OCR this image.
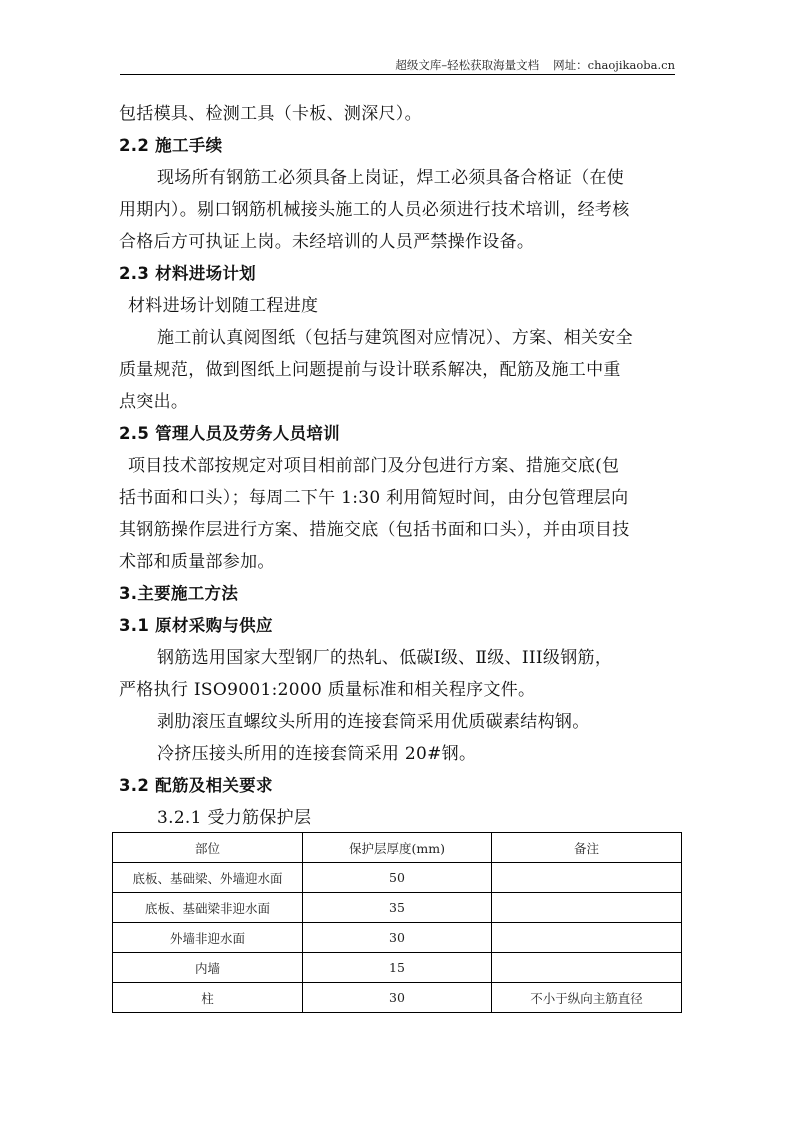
超级文库–轻松获取海量文档 网址：chaojikaoba.cn
包括模具、检测工具（卡板、测深尺）。
2.2 施工手续
现场所有钢筋工必须具备上岗证，焊工必须具备合格证（在使
用期内）。剔口钢筋机械接头施工的人员必须进行技术培训，经考核
合格后方可执证上岗。未经培训的人员严禁操作设备。
2.3 材料进场计划
材料进场计划随工程进度
施工前认真阅图纸（包括与建筑图对应情况）、方案、相关安全
质量规范，做到图纸上问题提前与设计联系解决，配筋及施工中重
点突出。
2.5 管理人员及劳务人员培训
项目技术部按规定对项目相前部门及分包进行方案、措施交底(包
括书面和口头）；每周二下午 1:30 利用简短时间，由分包管理层向
其钢筋操作层进行方案、措施交底（包括书面和口头），并由项目技
术部和质量部参加。
3.主要施工方法
3.1 原材采购与供应
钢筋选用国家大型钢厂的热轧、低碳Ⅰ级、Ⅱ级、III级钢筋，
严格执行 ISO9001:2000 质量标准和相关程序文件。
剥肋滚压直螺纹头所用的连接套筒采用优质碳素结构钢。
冷挤压接头所用的连接套筒采用 20#钢。
3.2 配筋及相关要求
3.2.1 受力筋保护层
部位	保护层厚度(mm)	备注
底板、基础梁、外墙迎水面	50	
底板、基础梁非迎水面	35	
外墙非迎水面	30	
内墙	15	
柱	30	不小于纵向主筋直径
